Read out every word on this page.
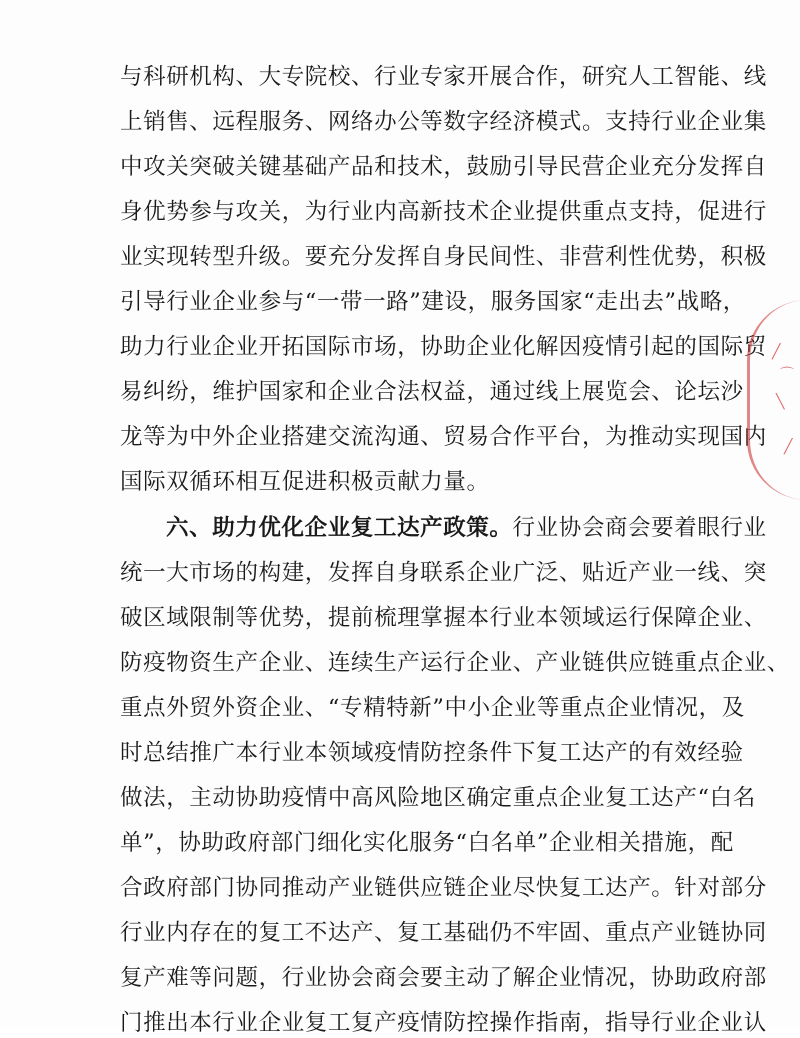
与科研机构、大专院校、行业专家开展合作，研究人工智能、线
上销售、远程服务、网络办公等数字经济模式。支持行业企业集
中攻关突破关键基础产品和技术，鼓励引导民营企业充分发挥自
身优势参与攻关，为行业内高新技术企业提供重点支持，促进行
业实现转型升级。要充分发挥自身民间性、非营利性优势，积极
引导行业企业参与“一带一路”建设，服务国家“走出去”战略，
助力行业企业开拓国际市场，协助企业化解因疫情引起的国际贸
易纠纷，维护国家和企业合法权益，通过线上展览会、论坛沙
龙等为中外企业搭建交流沟通、贸易合作平台，为推动实现国内
国际双循环相互促进积极贡献力量。
六、助力优化企业复工达产政策。行业协会商会要着眼行业
统一大市场的构建，发挥自身联系企业广泛、贴近产业一线、突
破区域限制等优势，提前梳理掌握本行业本领域运行保障企业、
防疫物资生产企业、连续生产运行企业、产业链供应链重点企业、
重点外贸外资企业、“专精特新”中小企业等重点企业情况，及
时总结推广本行业本领域疫情防控条件下复工达产的有效经验
做法，主动协助疫情中高风险地区确定重点企业复工达产“白名
单”，协助政府部门细化实化服务“白名单”企业相关措施，配
合政府部门协同推动产业链供应链企业尽快复工达产。针对部分
行业内存在的复工不达产、复工基础仍不牢固、重点产业链协同
复产难等问题，行业协会商会要主动了解企业情况，协助政府部
门推出本行业企业复工复产疫情防控操作指南，指导行业企业认
╱
⌒
╲
╱
